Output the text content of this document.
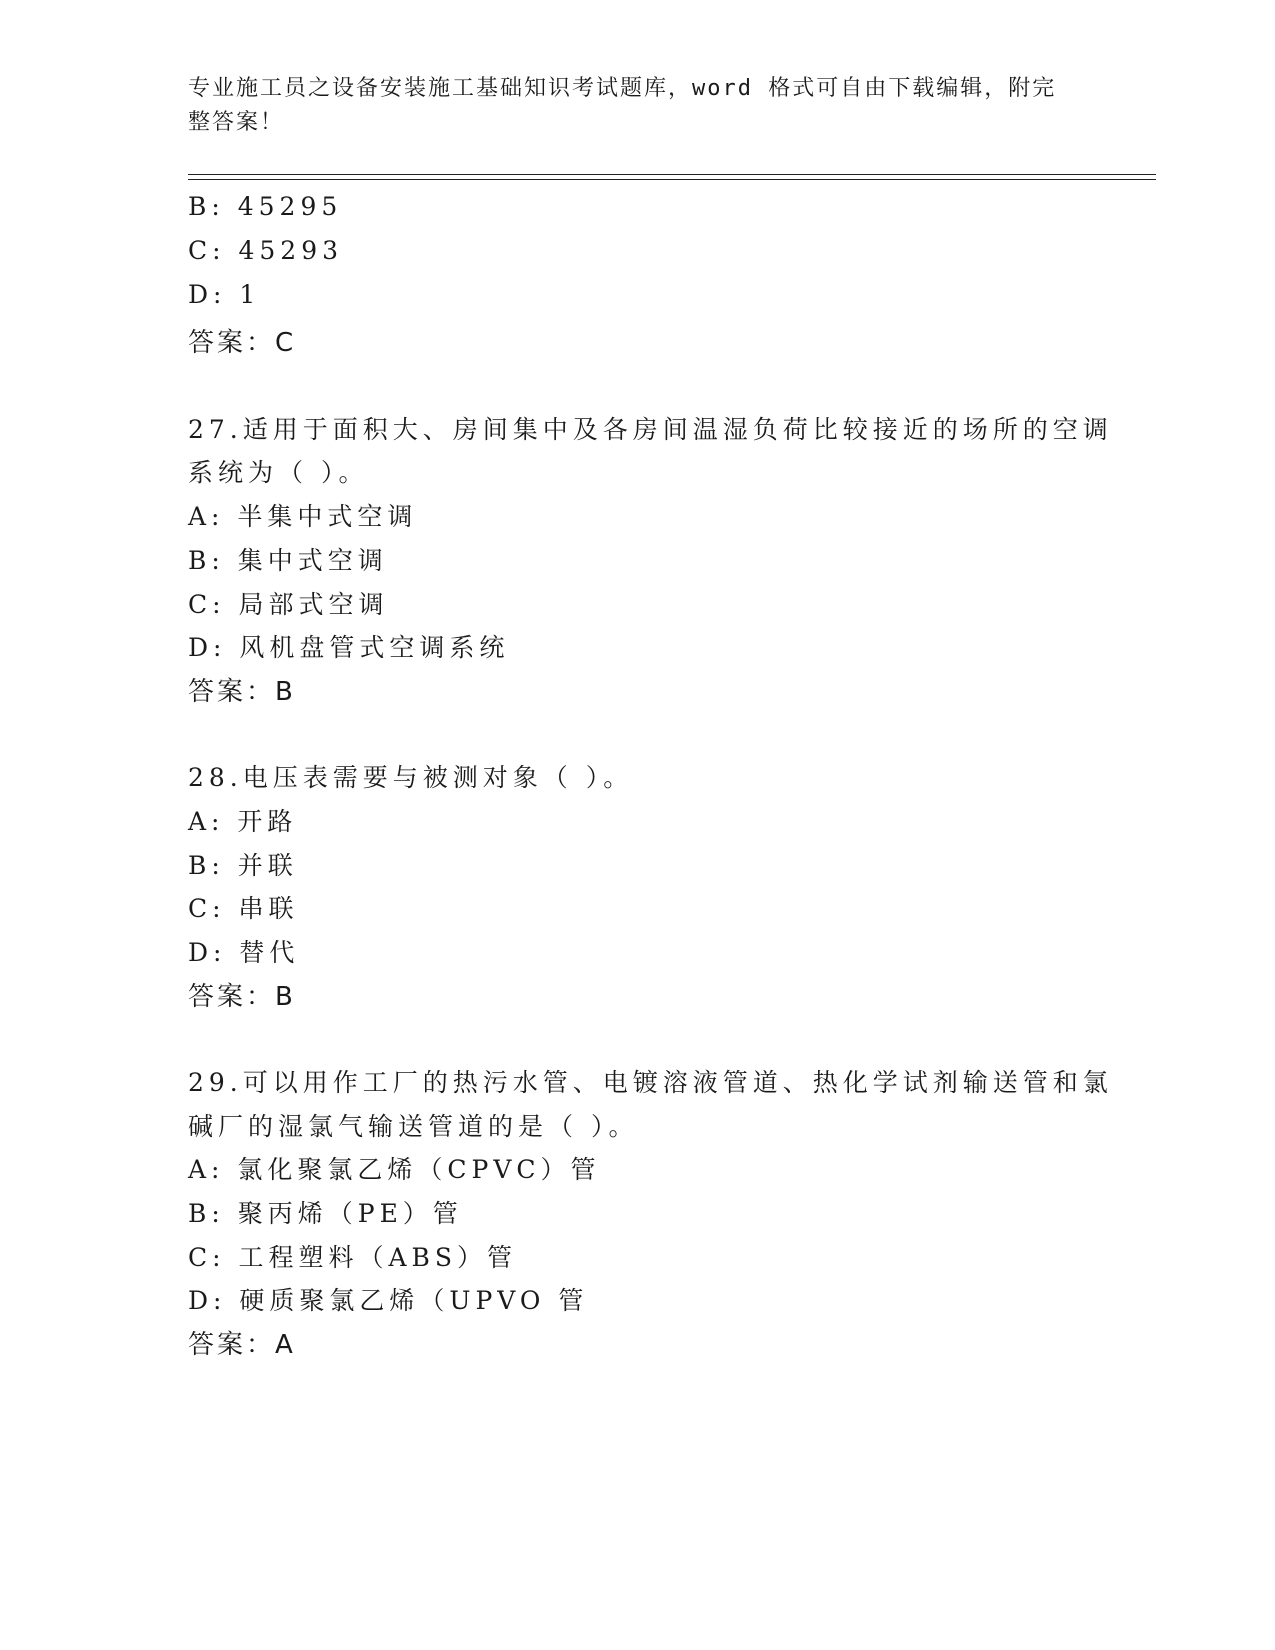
专业施工员之设备安装施工基础知识考试题库，word 格式可自由下载编辑，附完
整答案！
B: 45295
C: 45293
D: 1
答案：C
27.适用于面积大、房间集中及各房间温湿负荷比较接近的场所的空调
系统为（ ）。
A: 半集中式空调
B: 集中式空调
C: 局部式空调
D: 风机盘管式空调系统
答案：B
28.电压表需要与被测对象（ ）。
A: 开路
B: 并联
C: 串联
D: 替代
答案：B
29.可以用作工厂的热污水管、电镀溶液管道、热化学试剂输送管和氯
碱厂的湿氯气输送管道的是（ ）。
A: 氯化聚氯乙烯（CPVC）管
B: 聚丙烯（PE）管
C: 工程塑料（ABS）管
D: 硬质聚氯乙烯（UPVO 管
答案：A
